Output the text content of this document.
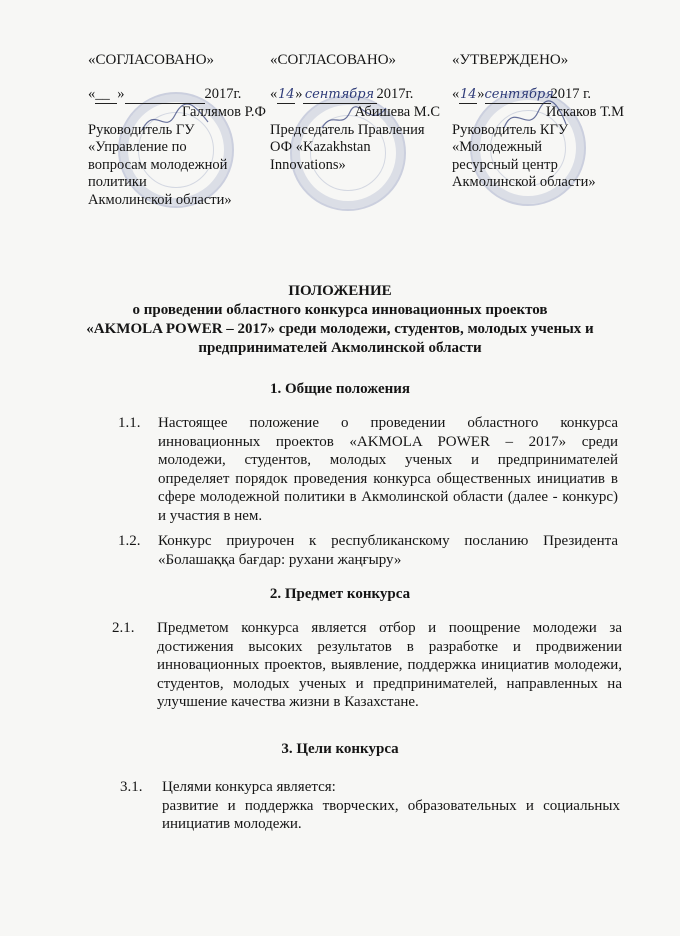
«СОГЛАСОВАНО»
«__ »	2017г.
Галлямов Р.Ф
Руководитель ГУ
«Управление по
вопросам молодежной
политики
Акмолинской области»
«СОГЛАСОВАНО»
«14» сентября 2017г.
Абишева М.С
Председатель Правления
ОФ «Kazakhstan
Innovations»
«УТВЕРЖДЕНО»
«14»сентября2017 г.
Искаков Т.М
Руководитель КГУ
«Молодежный
ресурсный центр
Акмолинской области»
ПОЛОЖЕНИЕ
о проведении областного конкурса инновационных проектов
«AKMOLA POWER – 2017» среди молодежи, студентов, молодых ученых и
предпринимателей Акмолинской области
1. Общие положения
1.1. Настоящее положение о проведении областного конкурса инновационных проектов «AKMOLA POWER – 2017» среди молодежи, студентов, молодых ученых и предпринимателей определяет порядок проведения конкурса общественных инициатив в сфере молодежной политики в Акмолинской области (далее - конкурс) и участия в нем.
1.2. Конкурс приурочен к республиканскому посланию Президента «Болашаққа бағдар: рухани жаңғыру»
2. Предмет конкурса
2.1. Предметом конкурса является отбор и поощрение молодежи за достижения высоких результатов в разработке и продвижении инновационных проектов, выявление, поддержка инициатив молодежи, студентов, молодых ученых и предпринимателей, направленных на улучшение качества жизни в Казахстане.
3. Цели конкурса
3.1. Целями конкурса является:
развитие и поддержка творческих, образовательных и социальных инициатив молодежи.
